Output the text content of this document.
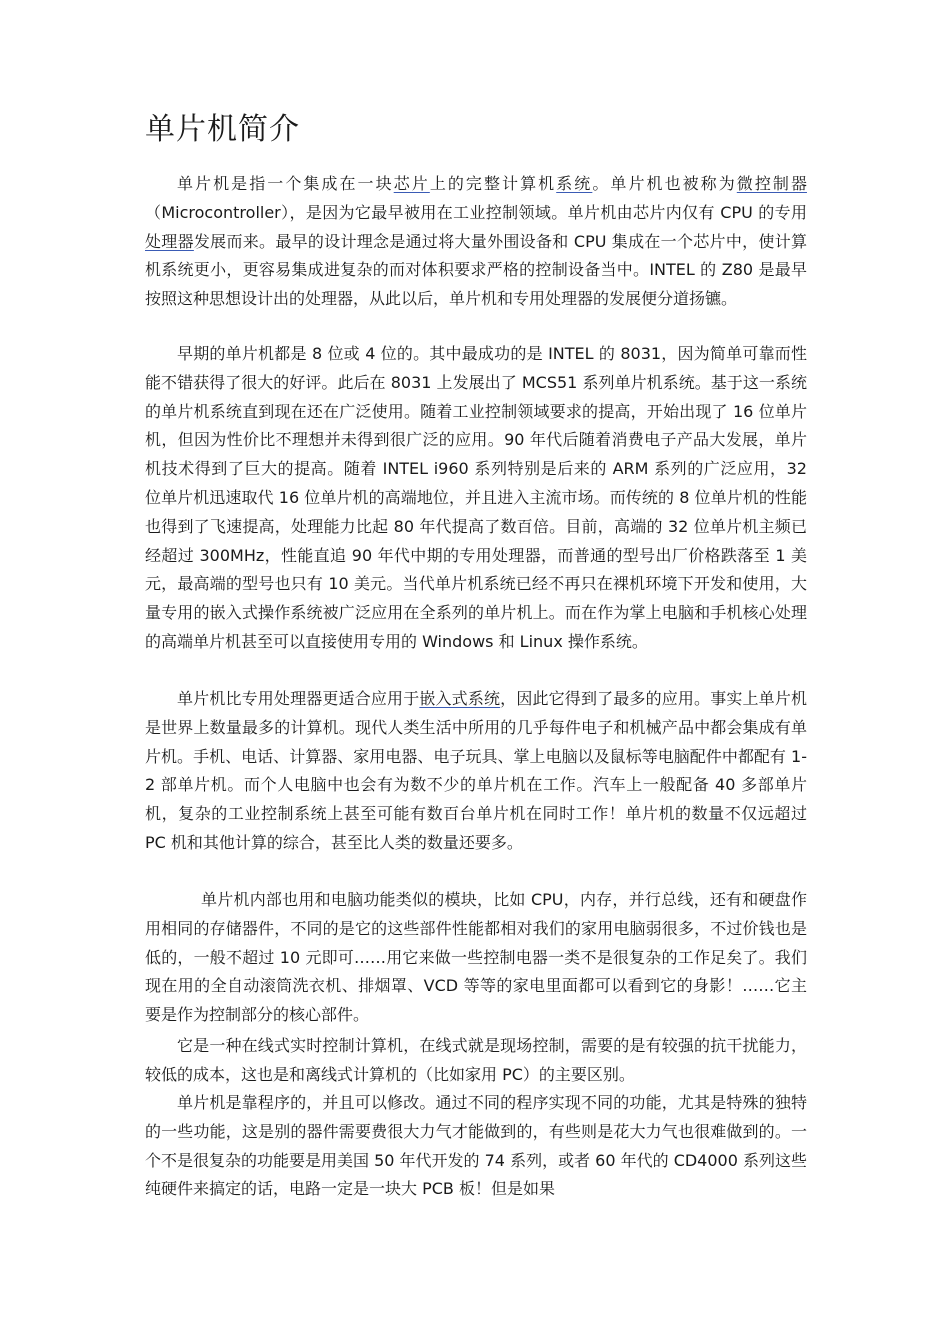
单片机简介

单片机是指一个集成在一块芯片上的完整计算机系统。单片机也被称为微控制器（Microcontroller），是因为它最早被用在工业控制领域。单片机由芯片内仅有 CPU 的专用处理器发展而来。最早的设计理念是通过将大量外围设备和 CPU 集成在一个芯片中，使计算机系统更小，更容易集成进复杂的而对体积要求严格的控制设备当中。INTEL 的 Z80 是最早按照这种思想设计出的处理器，从此以后，单片机和专用处理器的发展便分道扬镳。

早期的单片机都是 8 位或 4 位的。其中最成功的是 INTEL 的 8031，因为简单可靠而性能不错获得了很大的好评。此后在 8031 上发展出了 MCS51 系列单片机系统。基于这一系统的单片机系统直到现在还在广泛使用。随着工业控制领域要求的提高，开始出现了 16 位单片机，但因为性价比不理想并未得到很广泛的应用。90 年代后随着消费电子产品大发展，单片机技术得到了巨大的提高。随着 INTEL i960 系列特别是后来的 ARM 系列的广泛应用，32 位单片机迅速取代 16 位单片机的高端地位，并且进入主流市场。而传统的 8 位单片机的性能也得到了飞速提高，处理能力比起 80 年代提高了数百倍。目前，高端的 32 位单片机主频已经超过 300MHz，性能直追 90 年代中期的专用处理器，而普通的型号出厂价格跌落至 1 美元，最高端的型号也只有 10 美元。当代单片机系统已经不再只在裸机环境下开发和使用，大量专用的嵌入式操作系统被广泛应用在全系列的单片机上。而在作为掌上电脑和手机核心处理的高端单片机甚至可以直接使用专用的 Windows 和 Linux 操作系统。

单片机比专用处理器更适合应用于嵌入式系统，因此它得到了最多的应用。事实上单片机是世界上数量最多的计算机。现代人类生活中所用的几乎每件电子和机械产品中都会集成有单片机。手机、电话、计算器、家用电器、电子玩具、掌上电脑以及鼠标等电脑配件中都配有 1-2 部单片机。而个人电脑中也会有为数不少的单片机在工作。汽车上一般配备 40 多部单片机，复杂的工业控制系统上甚至可能有数百台单片机在同时工作！单片机的数量不仅远超过 PC 机和其他计算的综合，甚至比人类的数量还要多。

单片机内部也用和电脑功能类似的模块，比如 CPU，内存，并行总线，还有和硬盘作用相同的存储器件，不同的是它的这些部件性能都相对我们的家用电脑弱很多，不过价钱也是低的，一般不超过 10 元即可……用它来做一些控制电器一类不是很复杂的工作足矣了。我们现在用的全自动滚筒洗衣机、排烟罩、VCD 等等的家电里面都可以看到它的身影！……它主要是作为控制部分的核心部件。

它是一种在线式实时控制计算机，在线式就是现场控制，需要的是有较强的抗干扰能力，较低的成本，这也是和离线式计算机的（比如家用 PC）的主要区别。

单片机是靠程序的，并且可以修改。通过不同的程序实现不同的功能，尤其是特殊的独特的一些功能，这是别的器件需要费很大力气才能做到的，有些则是花大力气也很难做到的。一个不是很复杂的功能要是用美国 50 年代开发的 74 系列，或者 60 年代的 CD4000 系列这些纯硬件来搞定的话，电路一定是一块大 PCB 板！但是如果
